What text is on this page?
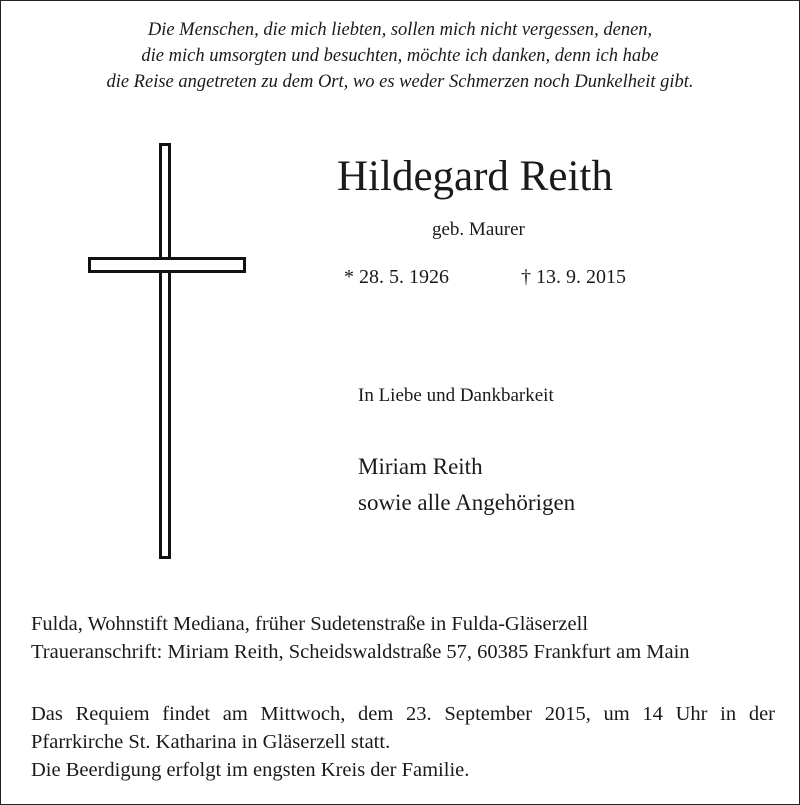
Die Menschen, die mich liebten, sollen mich nicht vergessen, denen,
die mich umsorgten und besuchten, möchte ich danken, denn ich habe
die Reise angetreten zu dem Ort, wo es weder Schmerzen noch Dunkelheit gibt.
Hildegard Reith
geb. Maurer
* 28. 5. 1926	† 13. 9. 2015
In Liebe und Dankbarkeit
Miriam Reith
sowie alle Angehörigen
Fulda, Wohnstift Mediana, früher Sudetenstraße in Fulda-Gläserzell
Traueranschrift: Miriam Reith, Scheidswaldstraße 57, 60385 Frankfurt am Main
Das Requiem findet am Mittwoch, dem 23. September 2015, um 14 Uhr in der
Pfarrkirche St. Katharina in Gläserzell statt.
Die Beerdigung erfolgt im engsten Kreis der Familie.
